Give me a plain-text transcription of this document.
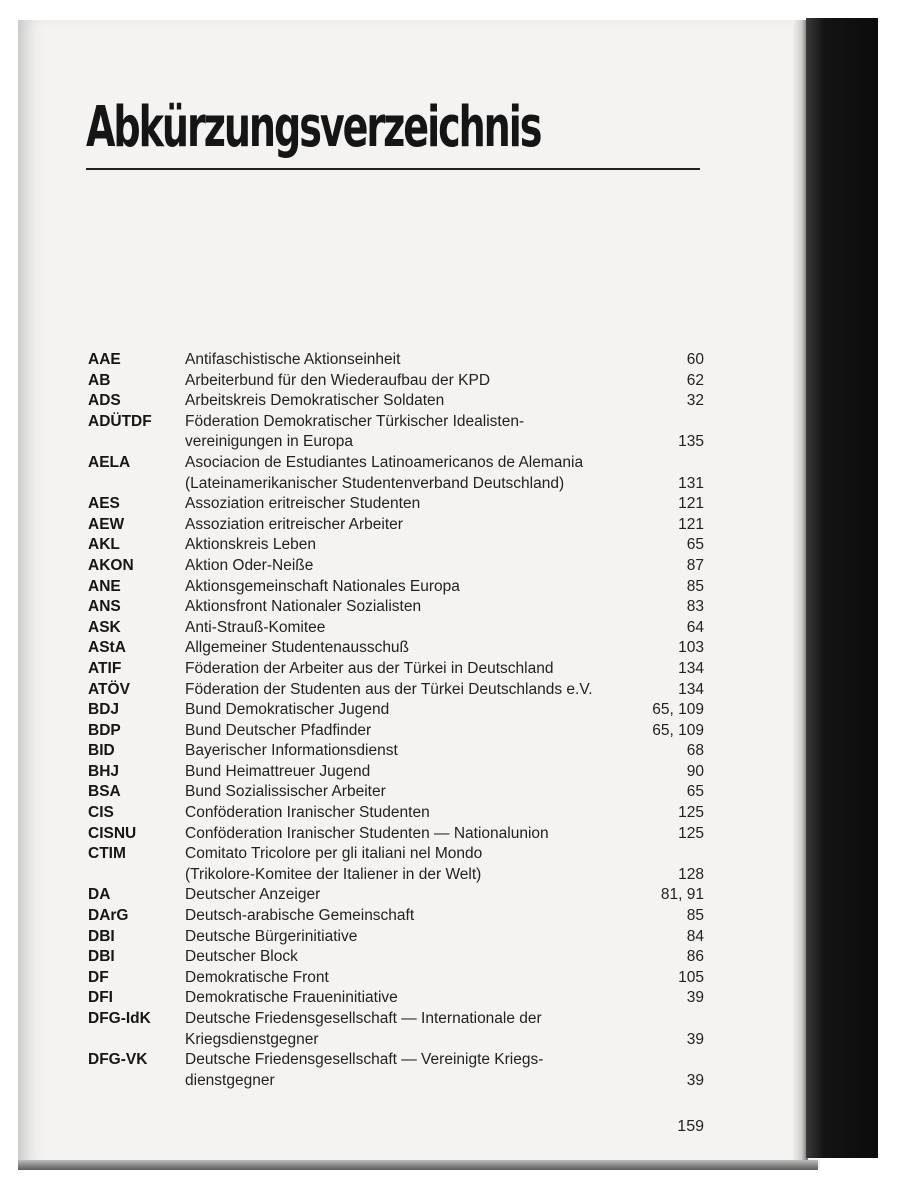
Abkürzungsverzeichnis
AAE	Antifaschistische Aktionseinheit	60
AB	Arbeiterbund für den Wiederaufbau der KPD	62
ADS	Arbeitskreis Demokratischer Soldaten	32
ADÜTDF	Föderation Demokratischer Türkischer Idealisten-
vereinigungen in Europa	135
AELA	Asociacion de Estudiantes Latinoamericanos de Alemania
(Lateinamerikanischer Studentenverband Deutschland)	131
AES	Assoziation eritreischer Studenten	121
AEW	Assoziation eritreischer Arbeiter	121
AKL	Aktionskreis Leben	65
AKON	Aktion Oder-Neiße	87
ANE	Aktionsgemeinschaft Nationales Europa	85
ANS	Aktionsfront Nationaler Sozialisten	83
ASK	Anti-Strauß-Komitee	64
AStA	Allgemeiner Studentenausschuß	103
ATIF	Föderation der Arbeiter aus der Türkei in Deutschland	134
ATÖV	Föderation der Studenten aus der Türkei Deutschlands e.V.	134
BDJ	Bund Demokratischer Jugend	65, 109
BDP	Bund Deutscher Pfadfinder	65, 109
BID	Bayerischer Informationsdienst	68
BHJ	Bund Heimattreuer Jugend	90
BSA	Bund Sozialissischer Arbeiter	65
CIS	Conföderation Iranischer Studenten	125
CISNU	Conföderation Iranischer Studenten — Nationalunion	125
CTIM	Comitato Tricolore per gli italiani nel Mondo
(Trikolore-Komitee der Italiener in der Welt)	128
DA	Deutscher Anzeiger	81, 91
DArG	Deutsch-arabische Gemeinschaft	85
DBI	Deutsche Bürgerinitiative	84
DBI	Deutscher Block	86
DF	Demokratische Front	105
DFI	Demokratische Fraueninitiative	39
DFG-IdK	Deutsche Friedensgesellschaft — Internationale der
Kriegsdienstgegner	39
DFG-VK	Deutsche Friedensgesellschaft — Vereinigte Kriegs-
dienstgegner	39
159
